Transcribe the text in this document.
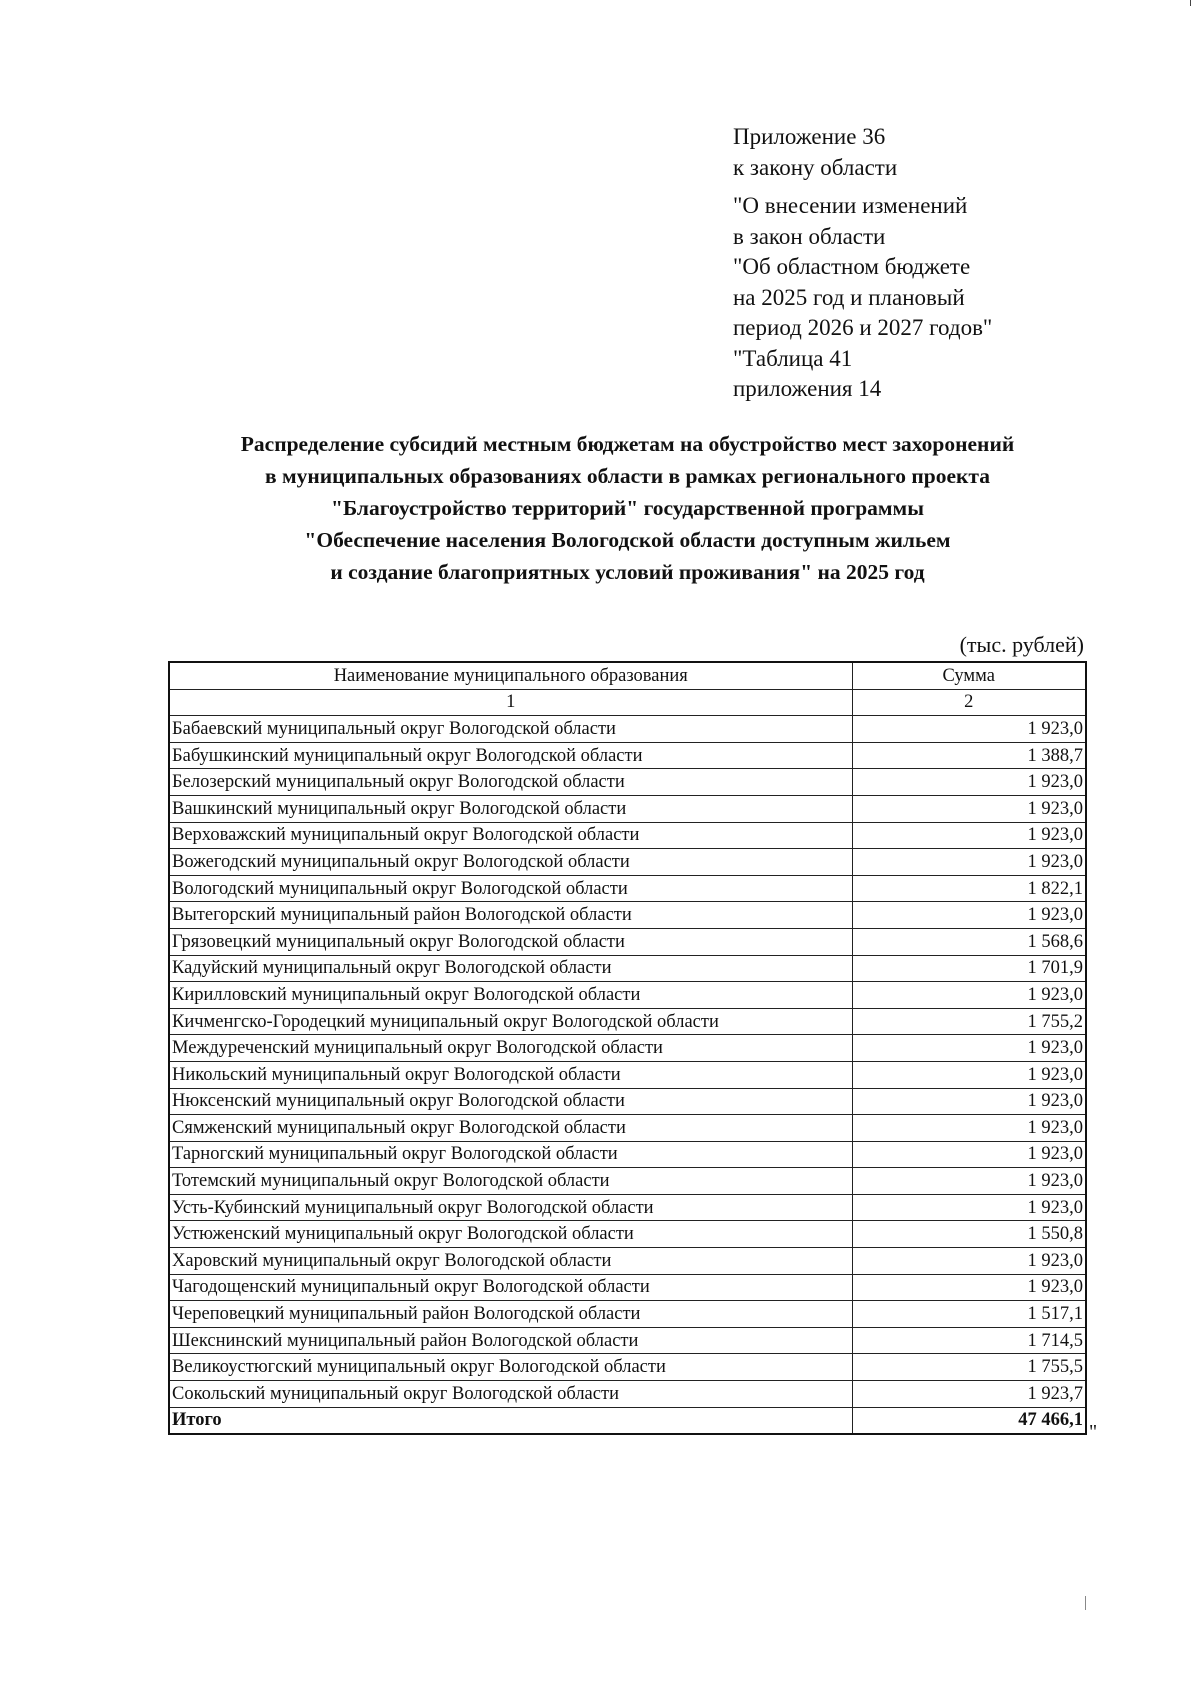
Приложение 36
к закону области
"О внесении изменений
в закон области
"Об областном бюджете
на 2025 год и плановый
период 2026 и 2027 годов"
"Таблица 41
приложения 14
Распределение субсидий местным бюджетам на обустройство мест захоронений
в муниципальных образованиях области в рамках регионального проекта
"Благоустройство территорий" государственной программы
"Обеспечение населения Вологодской области доступным жильем
и создание благоприятных условий проживания" на 2025 год
(тыс. рублей)
Наименование муниципального образования	Сумма
1	2
Бабаевский муниципальный округ Вологодской области	1 923,0
Бабушкинский муниципальный округ Вологодской области	1 388,7
Белозерский муниципальный округ Вологодской области	1 923,0
Вашкинский муниципальный округ Вологодской области	1 923,0
Верховажский муниципальный округ Вологодской области	1 923,0
Вожегодский муниципальный округ Вологодской области	1 923,0
Вологодский муниципальный округ Вологодской области	1 822,1
Вытегорский муниципальный район Вологодской области	1 923,0
Грязовецкий муниципальный округ Вологодской области	1 568,6
Кадуйский муниципальный округ Вологодской области	1 701,9
Кирилловский муниципальный округ Вологодской области	1 923,0
Кичменгско-Городецкий муниципальный округ Вологодской области	1 755,2
Междуреченский муниципальный округ Вологодской области	1 923,0
Никольский муниципальный округ Вологодской области	1 923,0
Нюксенский муниципальный округ Вологодской области	1 923,0
Сямженский муниципальный округ Вологодской области	1 923,0
Тарногский муниципальный округ Вологодской области	1 923,0
Тотемский муниципальный округ Вологодской области	1 923,0
Усть-Кубинский муниципальный округ Вологодской области	1 923,0
Устюженский муниципальный округ Вологодской области	1 550,8
Харовский муниципальный округ Вологодской области	1 923,0
Чагодощенский муниципальный округ Вологодской области	1 923,0
Череповецкий муниципальный район Вологодской области	1 517,1
Шекснинский муниципальный район Вологодской области	1 714,5
Великоустюгский муниципальный округ Вологодской области	1 755,5
Сокольский муниципальный округ Вологодской области	1 923,7
Итого	47 466,1
"
